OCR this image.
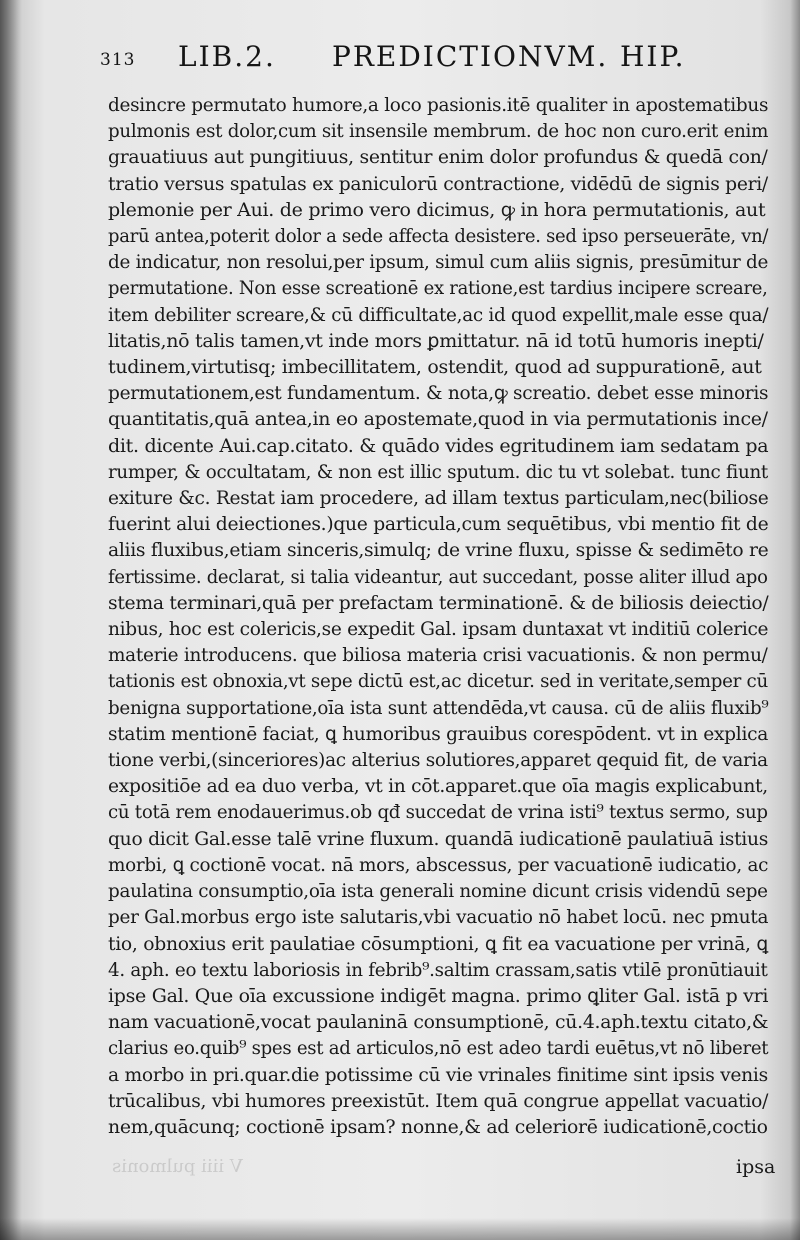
313 LIB.2. PREDICTIONVM. HIP.
desincre permutato humore,a loco pasionis.itē qualiter in apostematibus
pulmonis est dolor,cum sit insensile membrum. de hoc non curo.erit enim
grauatiuus aut pungitiuus, sentitur enim dolor profundus & quedā con/
tratio versus spatulas ex paniculorū contractione, vidēdū de signis peri/
plemonie per Aui. de primo vero dicimus, ꝙ in hora permutationis, aut
parū antea,poterit dolor a sede affecta desistere. sed ipso perseuerāte, vn/
de indicatur, non resolui,per ipsum, simul cum aliis signis, presūmitur de
permutatione. Non esse screationē ex ratione,est tardius incipere screare,
item debiliter screare,& cū difficultate,ac id quod expellit,male esse qua/
litatis,nō talis tamen,vt inde mors ꝑmittatur. nā id totū humoris inepti/
tudinem,virtutisq; imbecillitatem, ostendit, quod ad suppurationē, aut
permutationem,est fundamentum. & nota,ꝙ screatio. debet esse minoris
quantitatis,quā antea,in eo apostemate,quod in via permutationis ince/
dit. dicente Aui.cap.citato. & quādo vides egritudinem iam sedatam pa
rumper, & occultatam, & non est illic sputum. dic tu vt solebat. tunc fiunt
exiture &c. Restat iam procedere, ad illam textus particulam,nec(biliose
fuerint alui deiectiones.)que particula,cum sequētibus, vbi mentio fit de
aliis fluxibus,etiam sinceris,simulq; de vrine fluxu, spisse & sedimēto re
fertissime. declarat, si talia videantur, aut succedant, posse aliter illud apo
stema terminari,quā per prefactam terminationē. & de biliosis deiectio/
nibus, hoc est colericis,se expedit Gal. ipsam duntaxat vt inditiū colerice
materie introducens. que biliosa materia crisi vacuationis. & non permu/
tationis est obnoxia,vt sepe dictū est,ac dicetur. sed in veritate,semper cū
benigna supportatione,oīa ista sunt attendēda,vt causa. cū de aliis fluxib⁹
statim mentionē faciat, ꝗ humoribus grauibus corespōdent. vt in explica
tione verbi,(sinceriores)ac alterius solutiores,apparet qequid fit, de varia
expositiōe ad ea duo verba, vt in cōt.apparet.que oīa magis explicabunt,
cū totā rem enodauerimus.ob qđ succedat de vrina isti⁹ textus sermo, sup
quo dicit Gal.esse talē vrine fluxum. quandā iudicationē paulatiuā istius
morbi, ꝗ coctionē vocat. nā mors, abscessus, per vacuationē iudicatio, ac
paulatina consumptio,oīa ista generali nomine dicunt crisis videndū sepe
per Gal.morbus ergo iste salutaris,vbi vacuatio nō habet locū. nec pmuta
tio, obnoxius erit paulatiae cōsumptioni, ꝗ fit ea vacuatione per vrinā, ꝗ
4. aph. eo textu laboriosis in febrib⁹.saltim crassam,satis vtilē pronūtiauit
ipse Gal. Que oīa excussione indigēt magna. primo ꝗliter Gal. istā p vri
nam vacuationē,vocat paulaninā consumptionē, cū.4.aph.textu citato,&
clarius eo.quib⁹ spes est ad articulos,nō est adeo tardi euētus,vt nō liberet
a morbo in pri.quar.die potissime cū vie vrinales finitime sint ipsis venis
trūcalibus, vbi humores preexistūt. Item quā congrue appellat vacuatio/
nem,quācunq; coctionē ipsam? nonne,& ad celeriorē iudicationē,coctio
V iiii pulmonis	ipsa
